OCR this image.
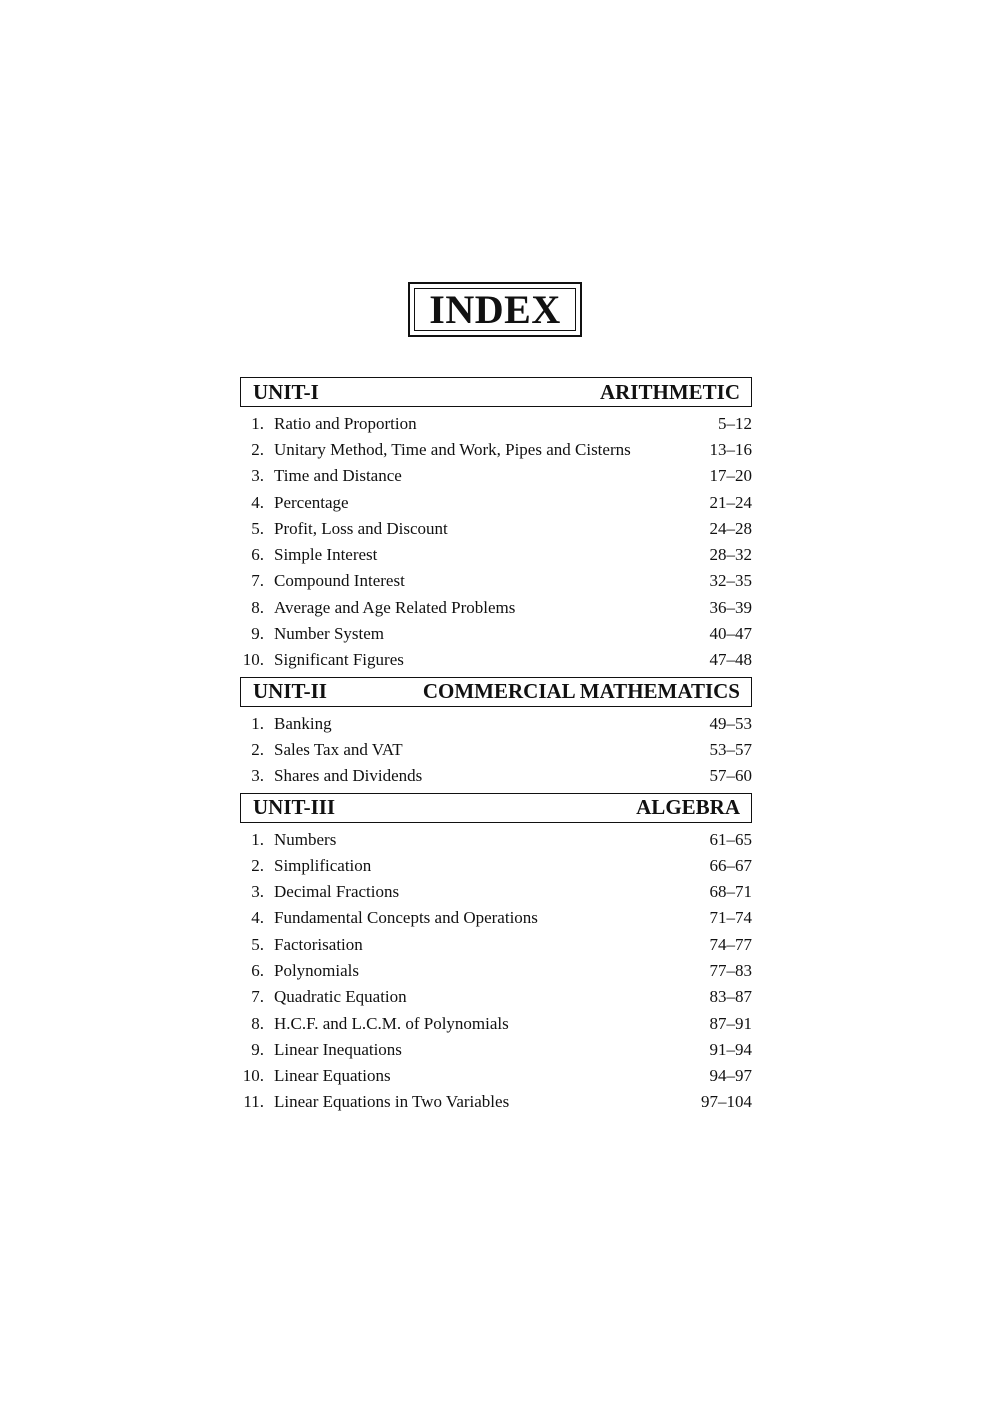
INDEX
UNIT-I	ARITHMETIC
1. Ratio and Proportion	5–12
2. Unitary Method, Time and Work, Pipes and Cisterns	13–16
3. Time and Distance	17–20
4. Percentage	21–24
5. Profit, Loss and Discount	24–28
6. Simple Interest	28–32
7. Compound Interest	32–35
8. Average and Age Related Problems	36–39
9. Number System	40–47
10. Significant Figures	47–48
UNIT-II	COMMERCIAL MATHEMATICS
1. Banking	49–53
2. Sales Tax and VAT	53–57
3. Shares and Dividends	57–60
UNIT-III	ALGEBRA
1. Numbers	61–65
2. Simplification	66–67
3. Decimal Fractions	68–71
4. Fundamental Concepts and Operations	71–74
5. Factorisation	74–77
6. Polynomials	77–83
7. Quadratic Equation	83–87
8. H.C.F. and L.C.M. of Polynomials	87–91
9. Linear Inequations	91–94
10. Linear Equations	94–97
11. Linear Equations in Two Variables	97–104
